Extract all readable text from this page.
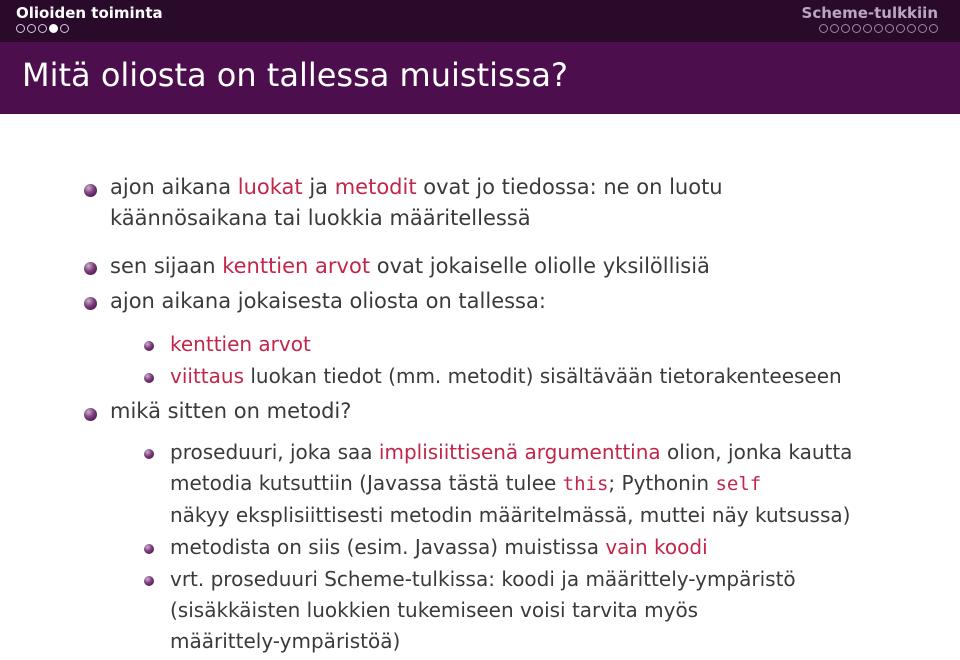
Olioiden toiminta	Scheme-tulkkiin
Mitä oliosta on tallessa muistissa?
ajon aikana luokat ja metodit ovat jo tiedossa: ne on luotu
käännösaikana tai luokkia määritellessä
sen sijaan kenttien arvot ovat jokaiselle oliolle yksilöllisiä
ajon aikana jokaisesta oliosta on tallessa:
kenttien arvot
viittaus luokan tiedot (mm. metodit) sisältävään tietorakenteeseen
mikä sitten on metodi?
proseduuri, joka saa implisiittisenä argumenttina olion, jonka kautta
metodia kutsuttiin (Javassa tästä tulee this; Pythonin self
näkyy eksplisiittisesti metodin määritelmässä, muttei näy kutsussa)
metodista on siis (esim. Javassa) muistissa vain koodi
vrt. proseduuri Scheme-tulkissa: koodi ja määrittely-ympäristö
(sisäkkäisten luokkien tukemiseen voisi tarvita myös
määrittely-ympäristöä)
